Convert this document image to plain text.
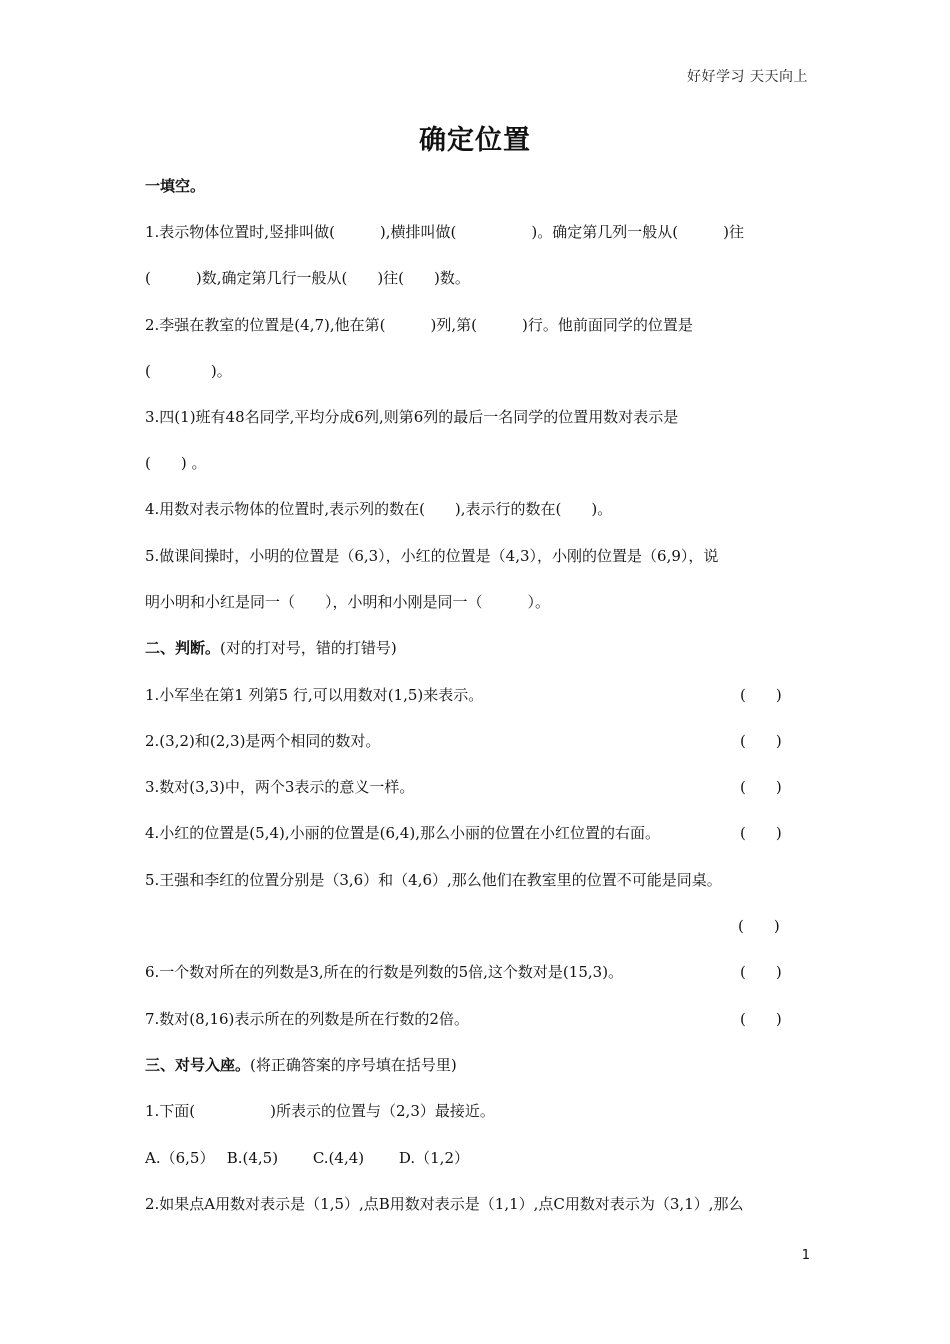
好好学习 天天向上
确定位置
一填空。
1.表示物体位置时,竖排叫做(　　　),横排叫做(　　　　　)。确定第几列一般从(　　　)往
(　　　)数,确定第几行一般从(　　)往(　　)数。
2.李强在教室的位置是(4,7),他在第(　　　)列,第(　　　)行。他前面同学的位置是
(　　　　)。
3.四(1)班有48名同学,平均分成6列,则第6列的最后一名同学的位置用数对表示是
(　　) 。
4.用数对表示物体的位置时,表示列的数在(　　),表示行的数在(　　)。
5.做课间操时，小明的位置是（6,3），小红的位置是（4,3），小刚的位置是（6,9），说
明小明和小红是同一（　　），小明和小刚是同一（　　　）。
二、判断。(对的打对号，错的打错号)
1.小军坐在第1 列第5 行,可以用数对(1,5)来表示。	(　　)
2.(3,2)和(2,3)是两个相同的数对。	(　　)
3.数对(3,3)中，两个3表示的意义一样。	(　　)
4.小红的位置是(5,4),小丽的位置是(6,4),那么小丽的位置在小红位置的右面。	(　　)
5.王强和李红的位置分别是（3,6）和（4,6）,那么他们在教室里的位置不可能是同桌。
(　　)
6.一个数对所在的列数是3,所在的行数是列数的5倍,这个数对是(15,3)。	(　　)
7.数对(8,16)表示所在的列数是所在行数的2倍。	(　　)
三、对号入座。(将正确答案的序号填在括号里)
1.下面(　　　　　)所表示的位置与（2,3）最接近。
A.（6,5）　 B.(4,5)　　 C.(4,4)　　 D.（1,2）
2.如果点A用数对表示是（1,5）,点B用数对表示是（1,1）,点C用数对表示为（3,1）,那么
1
